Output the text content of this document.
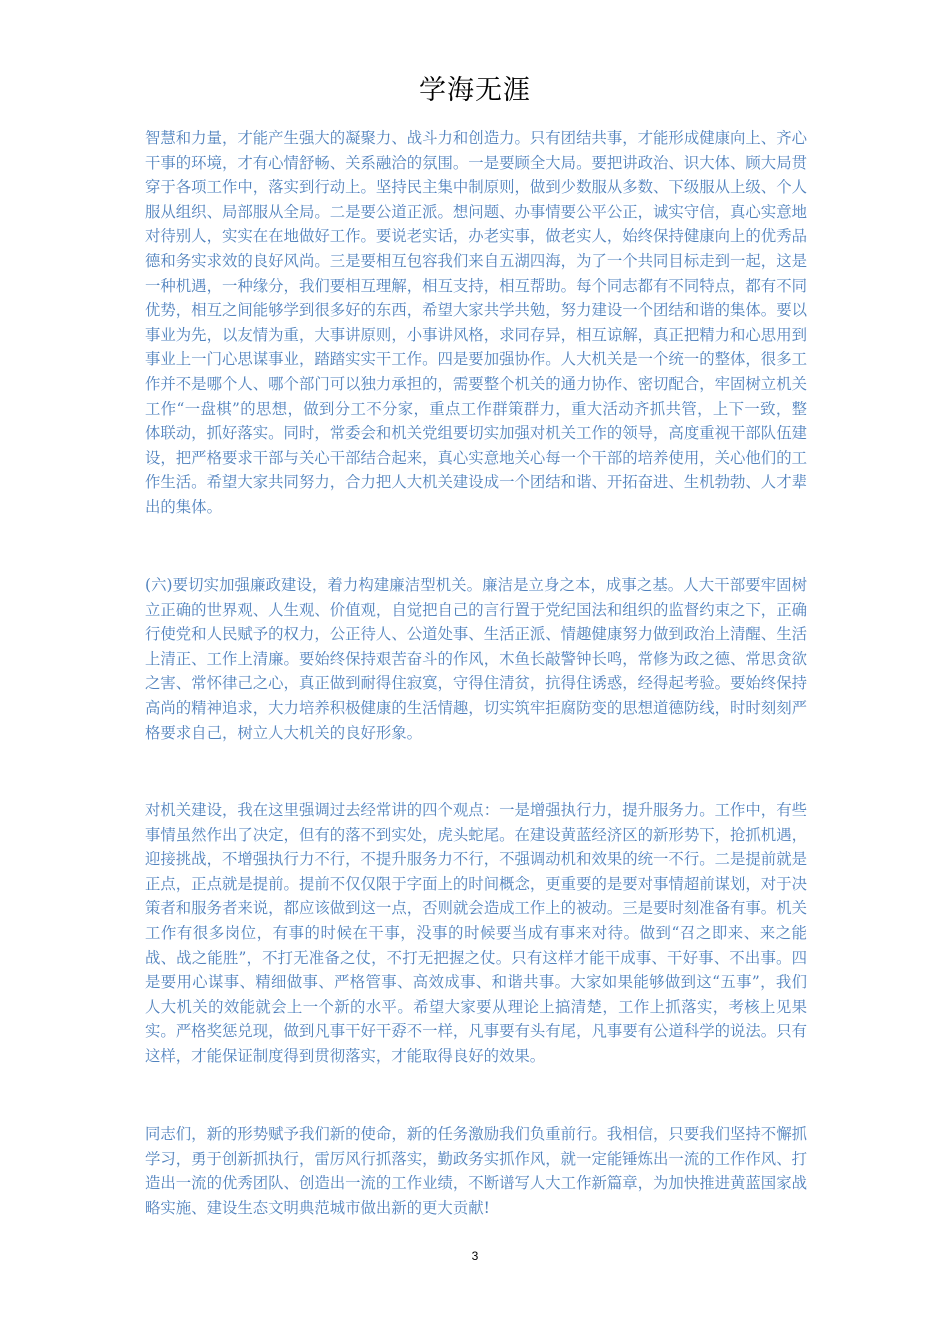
学海无涯

智慧和力量，才能产生强大的凝聚力、战斗力和创造力。只有团结共事，才能形成健康向上、齐心干事的环境，才有心情舒畅、关系融洽的氛围。一是要顾全大局。要把讲政治、识大体、顾大局贯穿于各项工作中，落实到行动上。坚持民主集中制原则，做到少数服从多数、下级服从上级、个人服从组织、局部服从全局。二是要公道正派。想问题、办事情要公平公正，诚实守信，真心实意地对待别人，实实在在地做好工作。要说老实话，办老实事，做老实人，始终保持健康向上的优秀品德和务实求效的良好风尚。三是要相互包容我们来自五湖四海，为了一个共同目标走到一起，这是一种机遇，一种缘分，我们要相互理解，相互支持，相互帮助。每个同志都有不同特点，都有不同优势，相互之间能够学到很多好的东西，希望大家共学共勉，努力建设一个团结和谐的集体。要以事业为先，以友情为重，大事讲原则，小事讲风格，求同存异，相互谅解，真正把精力和心思用到事业上一门心思谋事业，踏踏实实干工作。四是要加强协作。人大机关是一个统一的整体，很多工作并不是哪个人、哪个部门可以独力承担的，需要整个机关的通力协作、密切配合，牢固树立机关工作“一盘棋”的思想，做到分工不分家，重点工作群策群力，重大活动齐抓共管，上下一致，整体联动，抓好落实。同时，常委会和机关党组要切实加强对机关工作的领导，高度重视干部队伍建设，把严格要求干部与关心干部结合起来，真心实意地关心每一个干部的培养使用，关心他们的工作生活。希望大家共同努力，合力把人大机关建设成一个团结和谐、开拓奋进、生机勃勃、人才辈出的集体。

(六)要切实加强廉政建设，着力构建廉洁型机关。廉洁是立身之本，成事之基。人大干部要牢固树立正确的世界观、人生观、价值观，自觉把自己的言行置于党纪国法和组织的监督约束之下，正确行使党和人民赋予的权力，公正待人、公道处事、生活正派、情趣健康努力做到政治上清醒、生活上清正、工作上清廉。要始终保持艰苦奋斗的作风，木鱼长敲警钟长鸣，常修为政之德、常思贪欲之害、常怀律己之心，真正做到耐得住寂寞，守得住清贫，抗得住诱惑，经得起考验。要始终保持高尚的精神追求，大力培养积极健康的生活情趣，切实筑牢拒腐防变的思想道德防线，时时刻刻严格要求自己，树立人大机关的良好形象。

对机关建设，我在这里强调过去经常讲的四个观点：一是增强执行力，提升服务力。工作中，有些事情虽然作出了决定，但有的落不到实处，虎头蛇尾。在建设黄蓝经济区的新形势下，抢抓机遇，迎接挑战，不增强执行力不行，不提升服务力不行，不强调动机和效果的统一不行。二是提前就是正点，正点就是提前。提前不仅仅限于字面上的时间概念，更重要的是要对事情超前谋划，对于决策者和服务者来说，都应该做到这一点，否则就会造成工作上的被动。三是要时刻准备有事。机关工作有很多岗位，有事的时候在干事，没事的时候要当成有事来对待。做到“召之即来、来之能战、战之能胜”，不打无准备之仗，不打无把握之仗。只有这样才能干成事、干好事、不出事。四是要用心谋事、精细做事、严格管事、高效成事、和谐共事。大家如果能够做到这“五事”，我们人大机关的效能就会上一个新的水平。希望大家要从理论上搞清楚，工作上抓落实，考核上见果实。严格奖惩兑现，做到凡事干好干孬不一样，凡事要有头有尾，凡事要有公道科学的说法。只有这样，才能保证制度得到贯彻落实，才能取得良好的效果。

同志们，新的形势赋予我们新的使命，新的任务激励我们负重前行。我相信，只要我们坚持不懈抓学习，勇于创新抓执行，雷厉风行抓落实，勤政务实抓作风，就一定能锤炼出一流的工作作风、打造出一流的优秀团队、创造出一流的工作业绩，不断谱写人大工作新篇章，为加快推进黄蓝国家战略实施、建设生态文明典范城市做出新的更大贡献!

3
